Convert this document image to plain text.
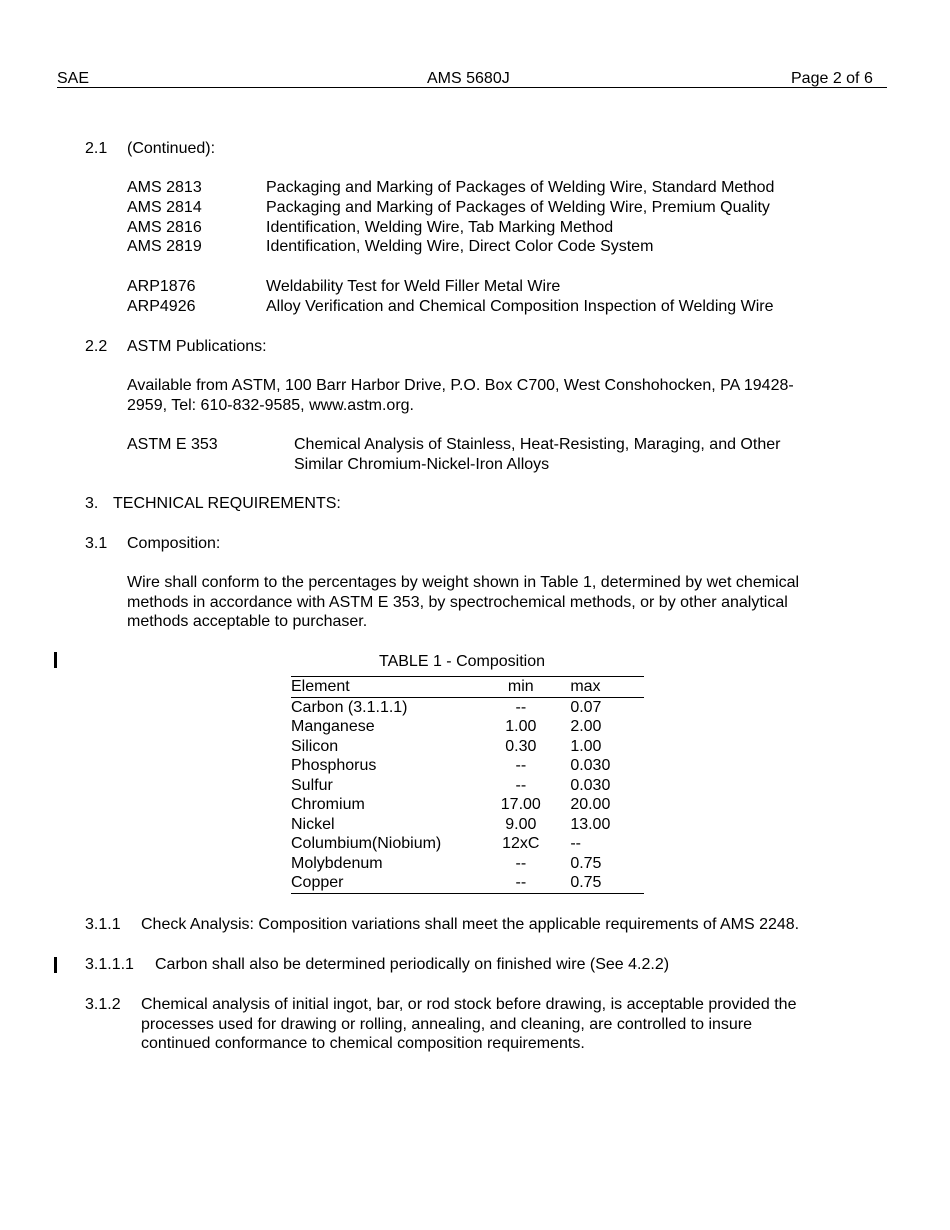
SAE	AMS 5680J	Page 2 of 6
2.1 (Continued):
AMS 2813	Packaging and Marking of Packages of Welding Wire, Standard Method
AMS 2814	Packaging and Marking of Packages of Welding Wire, Premium Quality
AMS 2816	Identification, Welding Wire, Tab Marking Method
AMS 2819	Identification, Welding Wire, Direct Color Code System
ARP1876	Weldability Test for Weld Filler Metal Wire
ARP4926	Alloy Verification and Chemical Composition Inspection of Welding Wire
2.2 ASTM Publications:
Available from ASTM, 100 Barr Harbor Drive, P.O. Box C700, West Conshohocken, PA 19428-
2959, Tel: 610-832-9585, www.astm.org.
ASTM E 353	Chemical Analysis of Stainless, Heat-Resisting, Maraging, and Other
Similar Chromium-Nickel-Iron Alloys
3. TECHNICAL REQUIREMENTS:
3.1 Composition:
Wire shall conform to the percentages by weight shown in Table 1, determined by wet chemical
methods in accordance with ASTM E 353, by spectrochemical methods, or by other analytical
methods acceptable to purchaser.
TABLE 1 - Composition
Element	min	max
Carbon (3.1.1.1)	--	0.07
Manganese	1.00	2.00
Silicon	0.30	1.00
Phosphorus	--	0.030
Sulfur	--	0.030
Chromium	17.00	20.00
Nickel	9.00	13.00
Columbium(Niobium)	12xC	--
Molybdenum	--	0.75
Copper	--	0.75
3.1.1 Check Analysis: Composition variations shall meet the applicable requirements of AMS 2248.
3.1.1.1 Carbon shall also be determined periodically on finished wire (See 4.2.2)
3.1.2 Chemical analysis of initial ingot, bar, or rod stock before drawing, is acceptable provided the
processes used for drawing or rolling, annealing, and cleaning, are controlled to insure
continued conformance to chemical composition requirements.
